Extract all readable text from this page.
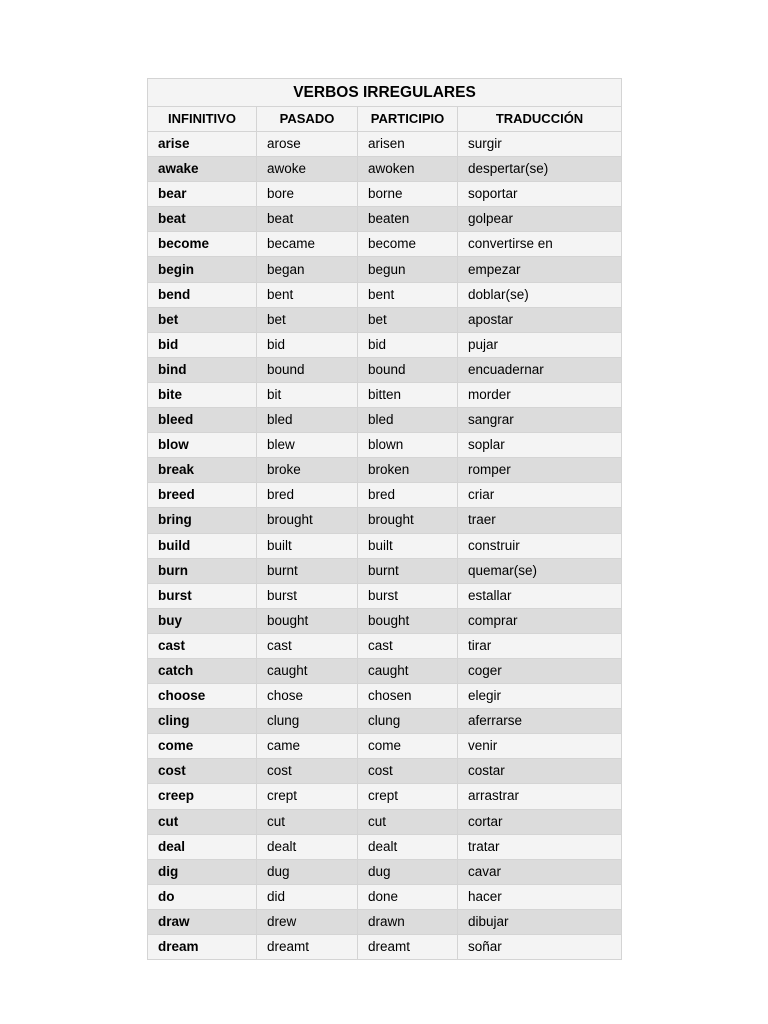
VERBOS IRREGULARES			
INFINITIVO	PASADO	PARTICIPIO	TRADUCCIÓN
arise	arose	arisen	surgir
awake	awoke	awoken	despertar(se)
bear	bore	borne	soportar
beat	beat	beaten	golpear
become	became	become	convertirse en
begin	began	begun	empezar
bend	bent	bent	doblar(se)
bet	bet	bet	apostar
bid	bid	bid	pujar
bind	bound	bound	encuadernar
bite	bit	bitten	morder
bleed	bled	bled	sangrar
blow	blew	blown	soplar
break	broke	broken	romper
breed	bred	bred	criar
bring	brought	brought	traer
build	built	built	construir
burn	burnt	burnt	quemar(se)
burst	burst	burst	estallar
buy	bought	bought	comprar
cast	cast	cast	tirar
catch	caught	caught	coger
choose	chose	chosen	elegir
cling	clung	clung	aferrarse
come	came	come	venir
cost	cost	cost	costar
creep	crept	crept	arrastrar
cut	cut	cut	cortar
deal	dealt	dealt	tratar
dig	dug	dug	cavar
do	did	done	hacer
draw	drew	drawn	dibujar
dream	dreamt	dreamt	soñar
